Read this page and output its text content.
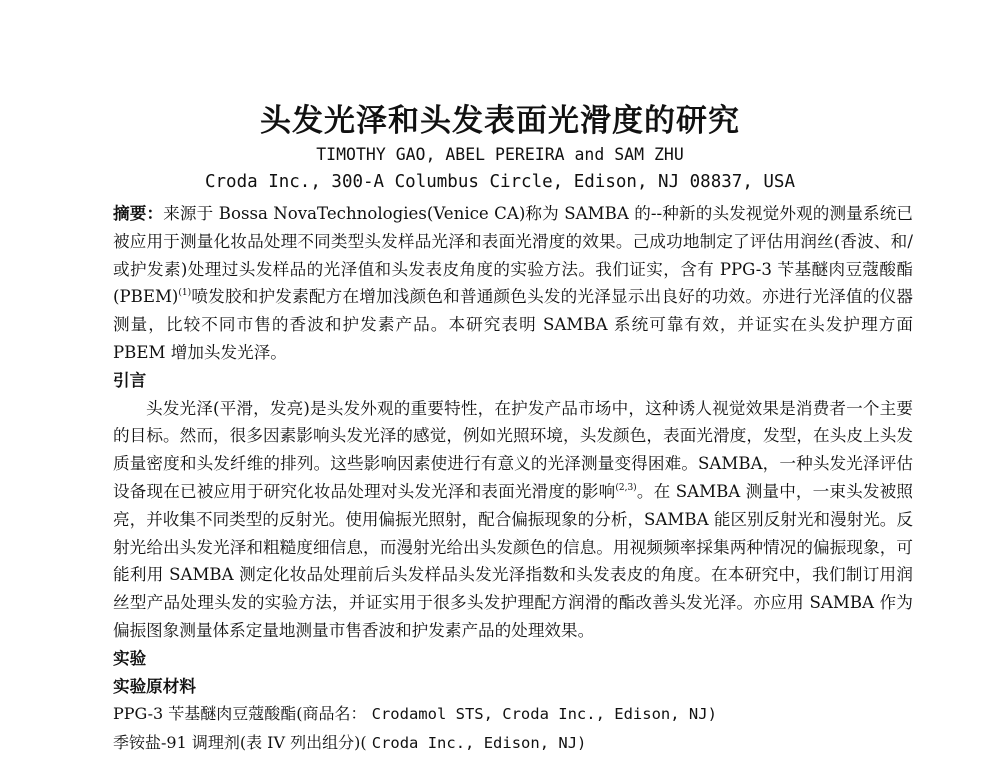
头发光泽和头发表面光滑度的研究
TIMOTHY GAO, ABEL PEREIRA and SAM ZHU
Croda Inc., 300-A Columbus Circle, Edison, NJ 08837, USA

摘要：来源于 Bossa NovaTechnologies(Venice CA)称为 SAMBA 的--种新的头发视觉外观的测量系统已被应用于测量化妆品处理不同类型头发样品光泽和表面光滑度的效果。己成功地制定了评估用润丝(香波、和/或护发素)处理过头发样品的光泽值和头发表皮角度的实验方法。我们证实，含有 PPG-3 苄基醚肉豆蔻酸酯(PBEM)$^{(1)}$喷发胶和护发素配方在增加浅颜色和普通颜色头发的光泽显示出良好的功效。亦进行光泽值的仪器测量，比较不同市售的香波和护发素产品。本研究表明 SAMBA 系统可靠有效，并证实在头发护理方面 PBEM 增加头发光泽。

引言

头发光泽(平滑，发亮)是头发外观的重要特性，在护发产品市场中，这种诱人视觉效果是消费者一个主要的目标。然而，很多因素影响头发光泽的感觉，例如光照环境，头发颜色，表面光滑度，发型，在头皮上头发质量密度和头发纤维的排列。这些影响因素使进行有意义的光泽测量变得困难。SAMBA，一种头发光泽评估设备现在已被应用于研究化妆品处理对头发光泽和表面光滑度的影响$^{(2,3)}$。在 SAMBA 测量中，一束头发被照亮，并收集不同类型的反射光。使用偏振光照射，配合偏振现象的分析，SAMBA 能区别反射光和漫射光。反射光给出头发光泽和粗糙度细信息，而漫射光给出头发颜色的信息。用视频频率採集两种情况的偏振现象，可能利用 SAMBA 测定化妆品处理前后头发样品头发光泽指数和头发表皮的角度。在本研究中，我们制订用润丝型产品处理头发的实验方法，并证实用于很多头发护理配方润滑的酯改善头发光泽。亦应用 SAMBA 作为偏振图象测量体系定量地测量市售香波和护发素产品的处理效果。

实验

实验原材料

PPG-3 苄基醚肉豆蔻酸酯(商品名： Crodamol STS, Croda Inc., Edison, NJ)

季铵盐-91 调理剂(表 IV 列出组分)( Croda Inc., Edison, NJ)
